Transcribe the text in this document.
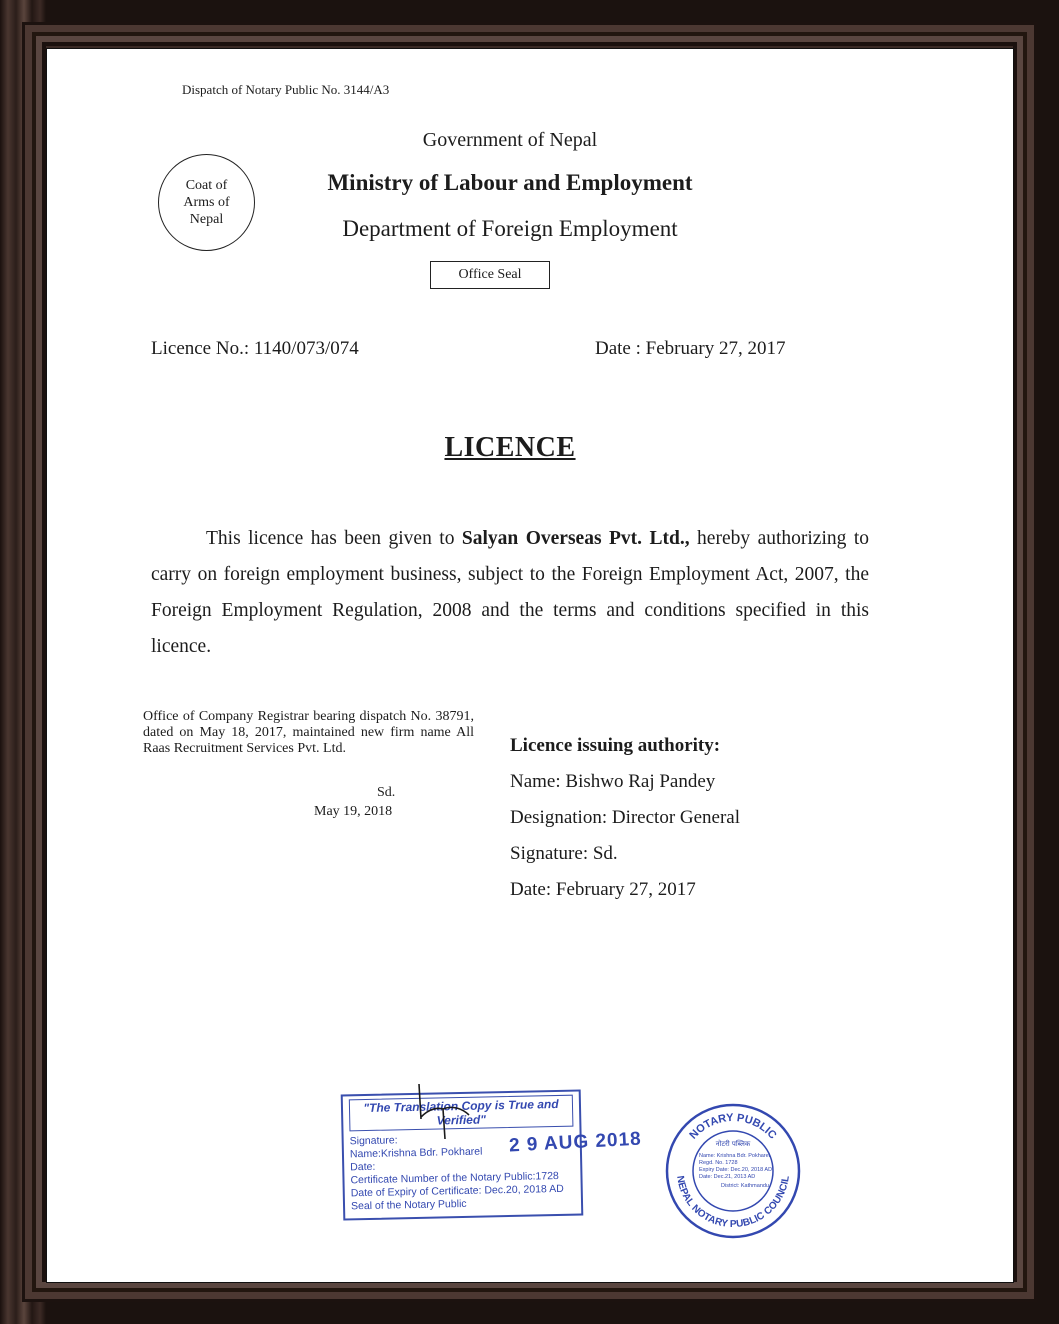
Dispatch of Notary Public No. 3144/A3
Coat of Arms of Nepal
Government of Nepal
Ministry of Labour and Employment
Department of Foreign Employment
Office Seal
Licence No.: 1140/073/074	Date : February 27, 2017
LICENCE
This licence has been given to Salyan Overseas Pvt. Ltd., hereby authorizing to carry on foreign employment business, subject to the Foreign Employment Act, 2007, the Foreign Employment Regulation, 2008 and the terms and conditions specified in this licence.
Office of Company Registrar bearing dispatch No. 38791, dated on May 18, 2017, maintained new firm name All Raas Recruitment Services Pvt. Ltd.
Sd.
May 19, 2018
Licence issuing authority:
Name: Bishwo Raj Pandey
Designation: Director General
Signature: Sd.
Date: February 27, 2017
"The Translation Copy is True and Verified"
Signature:
Name:Krishna Bdr. Pokharel
Date:
Certificate Number of the Notary Public:1728
Date of Expiry of Certificate: Dec.20, 2018 AD
Seal of the Notary Public
2 9 AUG 2018	NOTARY PUBLIC
NEPAL NOTARY PUBLIC COUNCIL
नोटरी पब्लिक
Name: Krishna Bdr. Pokharel
Regd. No. 1728
Expiry Date: Dec.20, 2018 AD
Date: Dec.21, 2013 AD
District: Kathmandu
